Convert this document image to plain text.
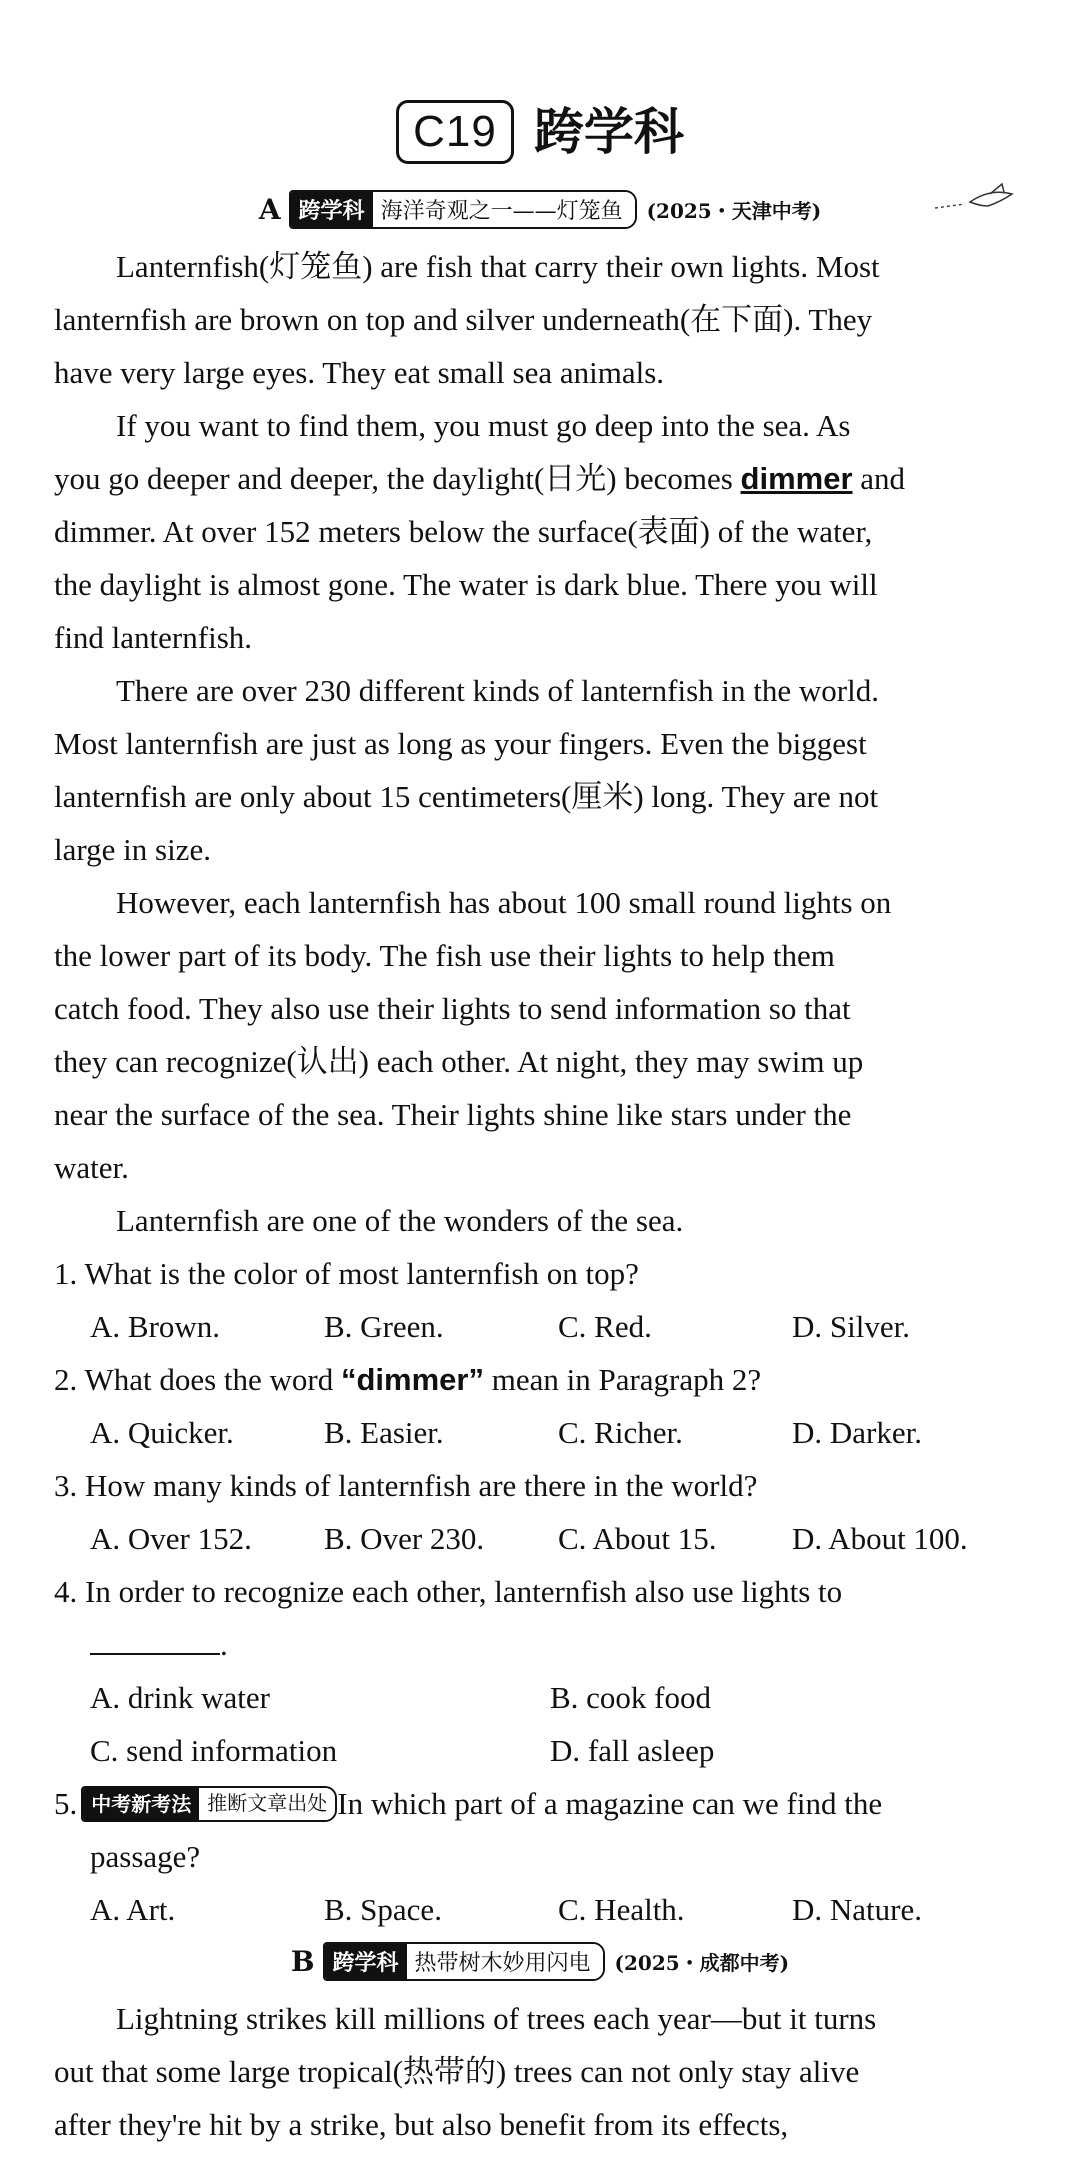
C19 跨学科
A 跨学科 海洋奇观之一——灯笼鱼	(2025・天津中考)

Lanternfish(灯笼鱼) are fish that carry their own lights. Most

lanternfish are brown on top and silver underneath(在下面). They

have very large eyes. They eat small sea animals.

If you want to find them, you must go deep into the sea. As

you go deeper and deeper, the daylight(日光) becomes dimmer and

dimmer. At over 152 meters below the surface(表面) of the water,

the daylight is almost gone. The water is dark blue. There you will

find lanternfish.

There are over 230 different kinds of lanternfish in the world.

Most lanternfish are just as long as your fingers. Even the biggest

lanternfish are only about 15 centimeters(厘米) long. They are not

large in size.

However, each lanternfish has about 100 small round lights on

the lower part of its body. The fish use their lights to help them

catch food. They also use their lights to send information so that

they can recognize(认出) each other. At night, they may swim up

near the surface of the sea. Their lights shine like stars under the

water.

Lanternfish are one of the wonders of the sea.

1. What is the color of most lanternfish on top?
A. Brown.	B. Green.	C. Red.	D. Silver.
2. What does the word “dimmer” mean in Paragraph 2?
A. Quicker.	B. Easier.	C. Richer.	D. Darker.
3. How many kinds of lanternfish are there in the world?
A. Over 152.	B. Over 230.	C. About 15.	D. About 100.
4. In order to recognize each other, lanternfish also use lights to
.
A. drink water	B. cook food
C. send information	D. fall asleep
5. 中考新考法 推断文章出处 In which part of a magazine can we find the
passage?
A. Art.	B. Space.	C. Health.	D. Nature.
B 跨学科 热带树木妙用闪电	(2025・成都中考)

Lightning strikes kill millions of trees each year—but it turns

out that some large tropical(热带的) trees can not only stay alive

after they're hit by a strike, but also benefit from its effects,
